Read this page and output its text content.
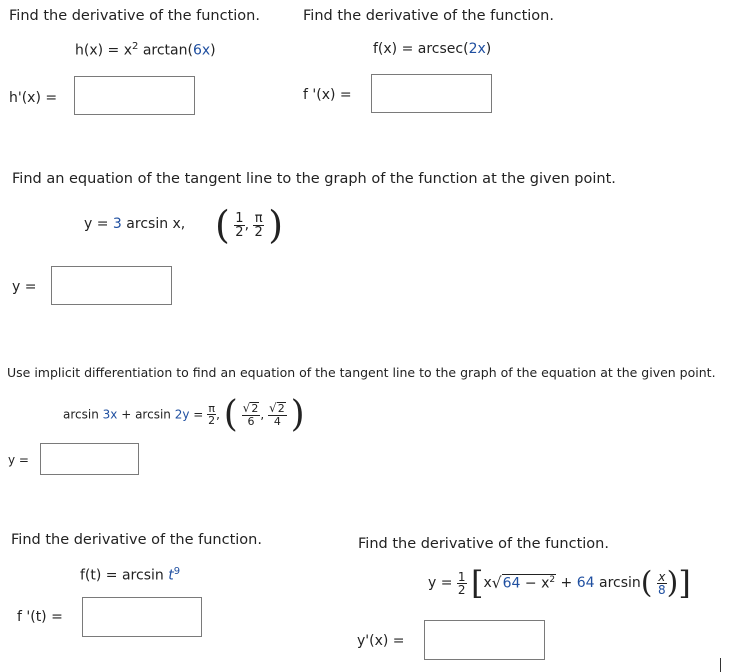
Find the derivative of the function.
$h(x) = x^2$ arctan(6x)
h'(x) =
Find the derivative of the function.
f(x) = arcsec(2x)
f '(x) =
Find an equation of the tangent line to the graph of the function at the given point.
y = 3 arcsin x, ( $\frac{1}{2}$ , $\frac{\pi}{2}$ )
y =
Use implicit differentiation to find an equation of the tangent line to the graph of the equation at the given point.
$\arcsin 3x + \arcsin 2y = \frac{\pi}{2}$ , ( $\frac{√2}{6}$ , $\frac{√2}{4}$ )
y =
Find the derivative of the function.
$f(t) = \arcsin t^9$
f '(t) =
Find the derivative of the function.
$y = \frac{1}{2} [x√64 - x^2 + 64$ $\arcsin( \frac{x}{8}$ )]
y'(x) =
